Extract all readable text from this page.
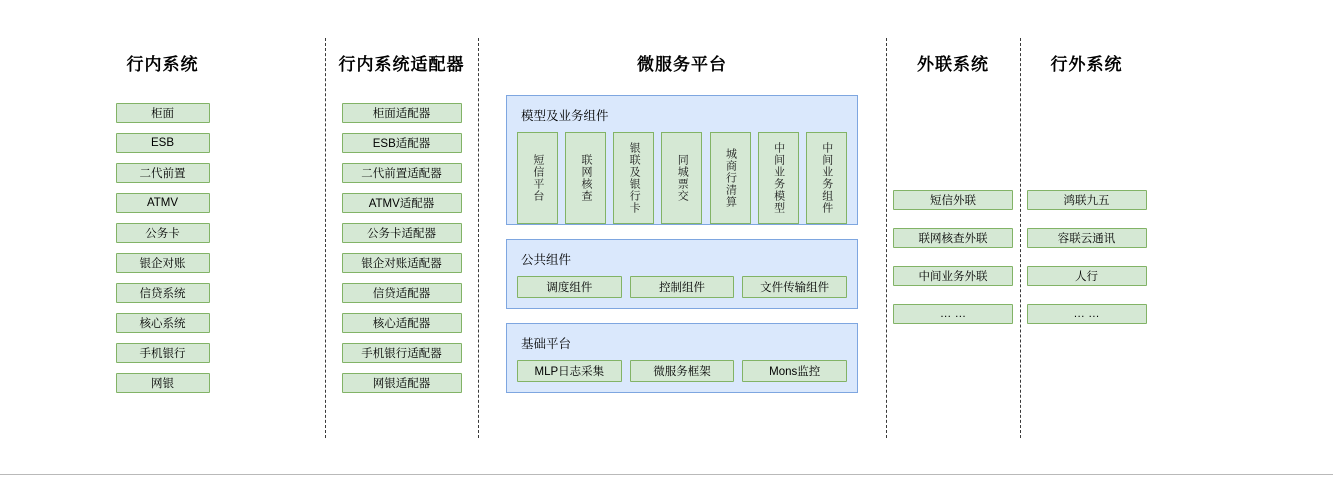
行内系统
柜面
ESB
二代前置
ATMV
公务卡
银企对账
信贷系统
核心系统
手机银行
网银
行内系统适配器
柜面适配器
ESB适配器
二代前置适配器
ATMV适配器
公务卡适配器
银企对账适配器
信贷适配器
核心适配器
手机银行适配器
网银适配器
微服务平台
模型及业务组件
短信平台	联网核查	银联及银行卡	同城票交	城商行清算	中间业务模型	中间业务组件
公共组件
调度组件	控制组件	文件传输组件
基础平台
MLP日志采集	微服务框架	Mons监控
外联系统
短信外联
联网核查外联
中间业务外联
… …
行外系统
鸿联九五
容联云通讯
人行
… …
